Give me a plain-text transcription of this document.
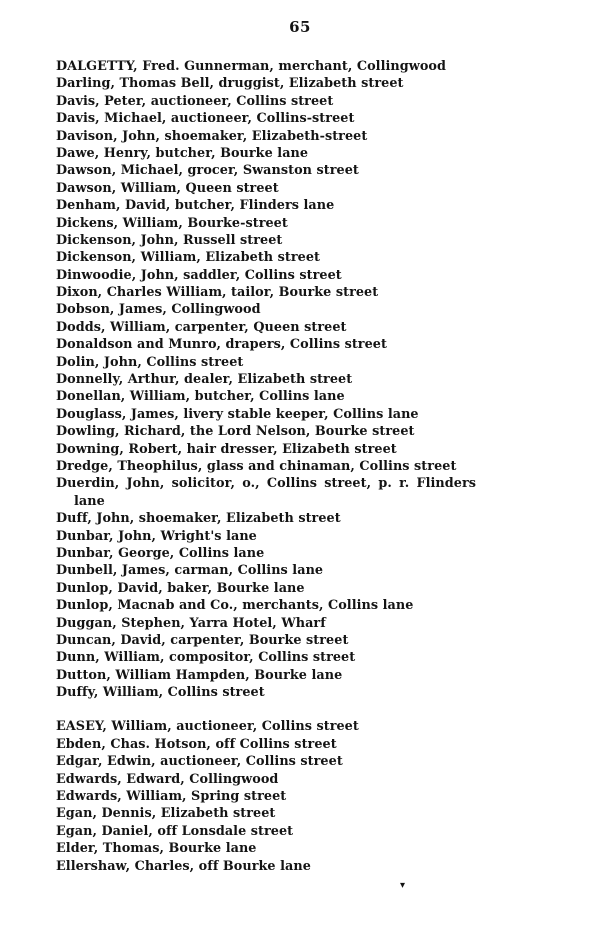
65
DALGETTY, Fred. Gunnerman, merchant, Collingwood
Darling, Thomas Bell, druggist, Elizabeth street
Davis, Peter, auctioneer, Collins street
Davis, Michael, auctioneer, Collins-street
Davison, John, shoemaker, Elizabeth-street
Dawe, Henry, butcher, Bourke lane
Dawson, Michael, grocer, Swanston street
Dawson, William, Queen street
Denham, David, butcher, Flinders lane
Dickens, William, Bourke-street
Dickenson, John, Russell street
Dickenson, William, Elizabeth street
Dinwoodie, John, saddler, Collins street
Dixon, Charles William, tailor, Bourke street
Dobson, James, Collingwood
Dodds, William, carpenter, Queen street
Donaldson and Munro, drapers, Collins street
Dolin, John, Collins street
Donnelly, Arthur, dealer, Elizabeth street
Donellan, William, butcher, Collins lane
Douglass, James, livery stable keeper, Collins lane
Dowling, Richard, the Lord Nelson, Bourke street
Downing, Robert, hair dresser, Elizabeth street
Dredge, Theophilus, glass and chinaman, Collins street
Duerdin, John, solicitor, o., Collins street, p. r. Flinders lane
Duff, John, shoemaker, Elizabeth street
Dunbar, John, Wright's lane
Dunbar, George, Collins lane
Dunbell, James, carman, Collins lane
Dunlop, David, baker, Bourke lane
Dunlop, Macnab and Co., merchants, Collins lane
Duggan, Stephen, Yarra Hotel, Wharf
Duncan, David, carpenter, Bourke street
Dunn, William, compositor, Collins street
Dutton, William Hampden, Bourke lane
Duffy, William, Collins street
EASEY, William, auctioneer, Collins street
Ebden, Chas. Hotson, off Collins street
Edgar, Edwin, auctioneer, Collins street
Edwards, Edward, Collingwood
Edwards, William, Spring street
Egan, Dennis, Elizabeth street
Egan, Daniel, off Lonsdale street
Elder, Thomas, Bourke lane
Ellershaw, Charles, off Bourke lane
▾
